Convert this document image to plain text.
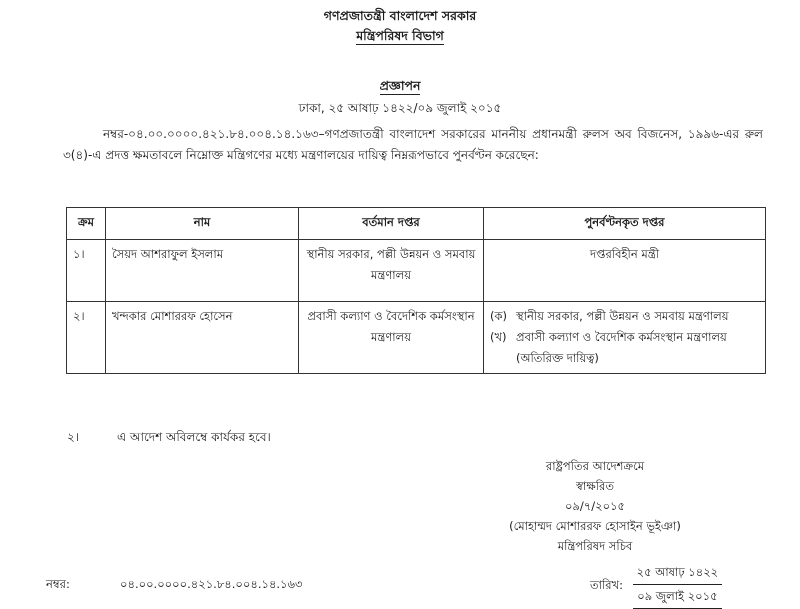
গণপ্রজাতন্ত্রী বাংলাদেশ সরকার
মন্ত্রিপরিষদ বিভাগ
প্রজ্ঞাপন
ঢাকা, ২৫ আষাঢ় ১৪২২/০৯ জুলাই ২০১৫
নম্বর-০৪.০০.০০০০.৪২১.৮৪.০০৪.১৪.১৬৩–গণপ্রজাতন্ত্রী বাংলাদেশ সরকারের মাননীয় প্রধানমন্ত্রী রুলস অব বিজনেস, ১৯৯৬-এর রুল ৩(৪)-এ প্রদত্ত ক্ষমতাবলে নিম্নোক্ত মন্ত্রিগণের মধ্যে মন্ত্রণালয়ের দায়িত্ব নিম্নরূপভাবে পুনর্বণ্টন করেছেন:
ক্রম	নাম	বর্তমান দপ্তর	পুনর্বণ্টনকৃত দপ্তর
১।	সৈয়দ আশরাফুল ইসলাম	স্থানীয় সরকার, পল্লী উন্নয়ন ও সমবায় মন্ত্রণালয়	দপ্তরবিহীন মন্ত্রী
২।	খন্দকার মোশাররফ হোসেন	প্রবাসী কল্যাণ ও বৈদেশিক কর্মসংস্থান মন্ত্রণালয়	(ক) স্থানীয় সরকার, পল্লী উন্নয়ন ও সমবায় মন্ত্রণালয়
(খ) প্রবাসী কল্যাণ ও বৈদেশিক কর্মসংস্থান মন্ত্রণালয় (অতিরিক্ত দায়িত্ব)
২।	এ আদেশ অবিলম্বে কার্যকর হবে।
রাষ্ট্রপতির আদেশক্রমে
স্বাক্ষরিত
০৯/৭/২০১৫
(মোহাম্মদ মোশাররফ হোসাইন ভূইঞা)
মন্ত্রিপরিষদ সচিব
নম্বর:	০৪.০০.০০০০.৪২১.৮৪.০০৪.১৪.১৬৩	তারিখ:
২৫ আষাঢ় ১৪২২
০৯ জুলাই ২০১৫
